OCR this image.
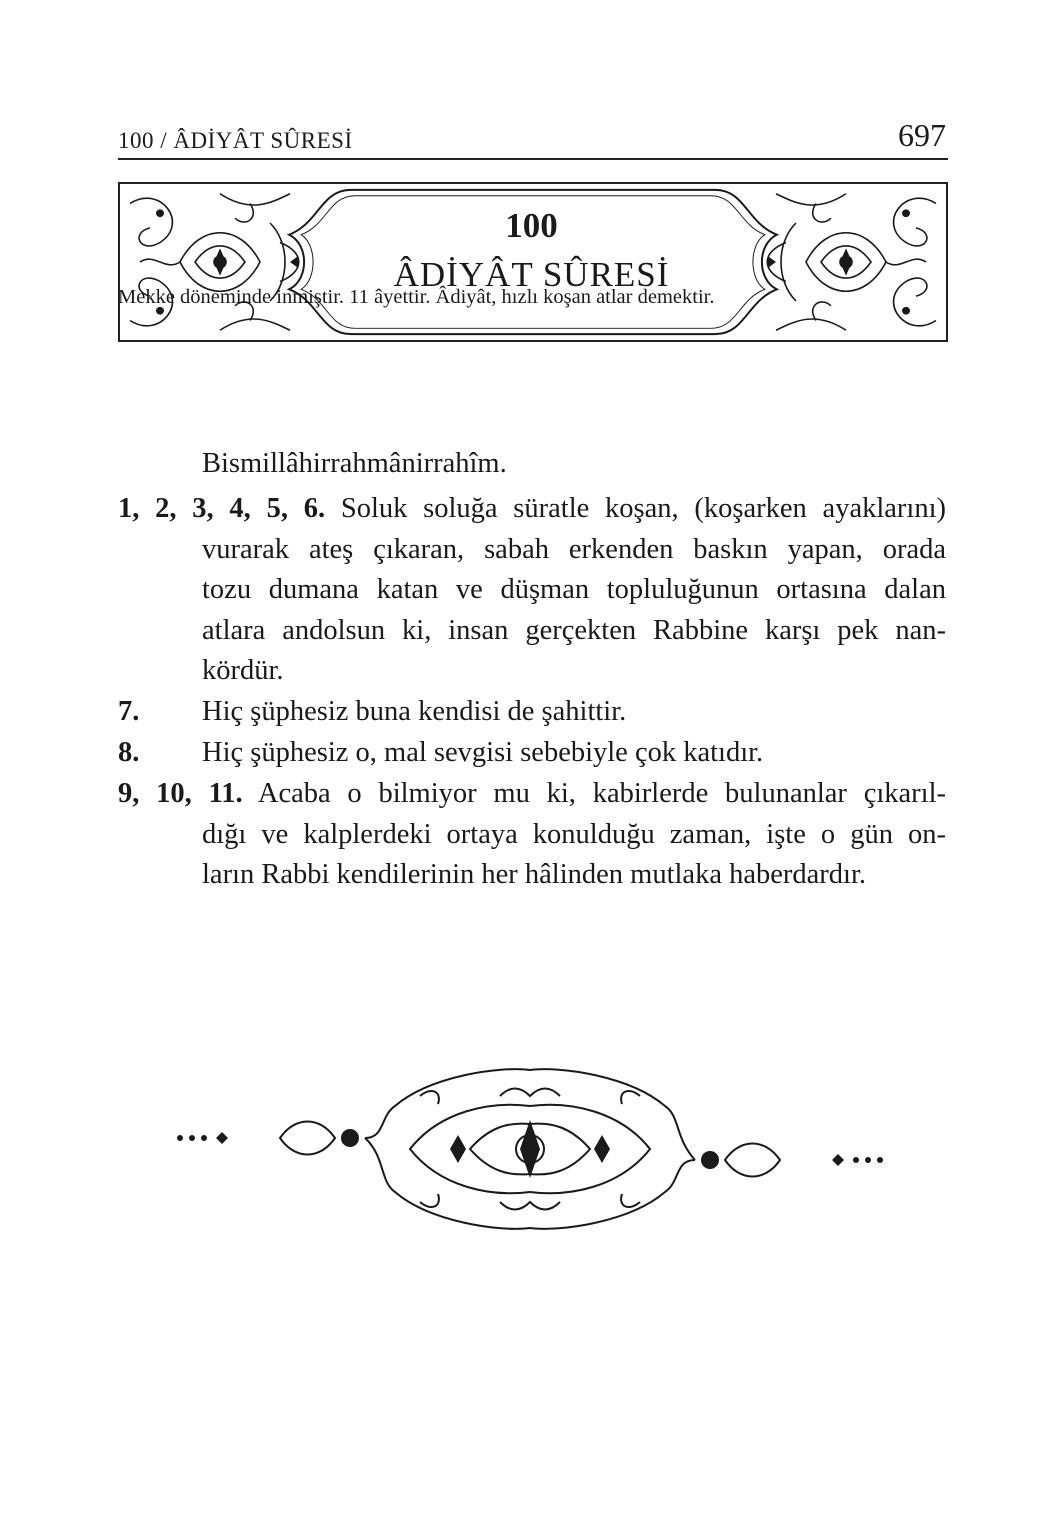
100 / ÂDİYÂT SÛRESİ	697
100
ÂDİYÂT SÛRESİ
Mekke döneminde inmiştir. 11 âyettir. Âdiyât, hızlı koşan atlar demektir.
Bismillâhirrahmânirrahîm.
1, 2, 3, 4, 5, 6. Soluk soluğa süratle koşan, (koşarken ayaklarını)
vurarak ateş çıkaran, sabah erkenden baskın yapan, orada
tozu dumana katan ve düşman topluluğunun ortasına dalan
atlara andolsun ki, insan gerçekten Rabbine karşı pek nan-
kördür.
7. Hiç şüphesiz buna kendisi de şahittir.
8. Hiç şüphesiz o, mal sevgisi sebebiyle çok katıdır.
9, 10, 11. Acaba o bilmiyor mu ki, kabirlerde bulunanlar çıkarıl-
dığı ve kalplerdeki ortaya konulduğu zaman, işte o gün on-
ların Rabbi kendilerinin her hâlinden mutlaka haberdardır.
